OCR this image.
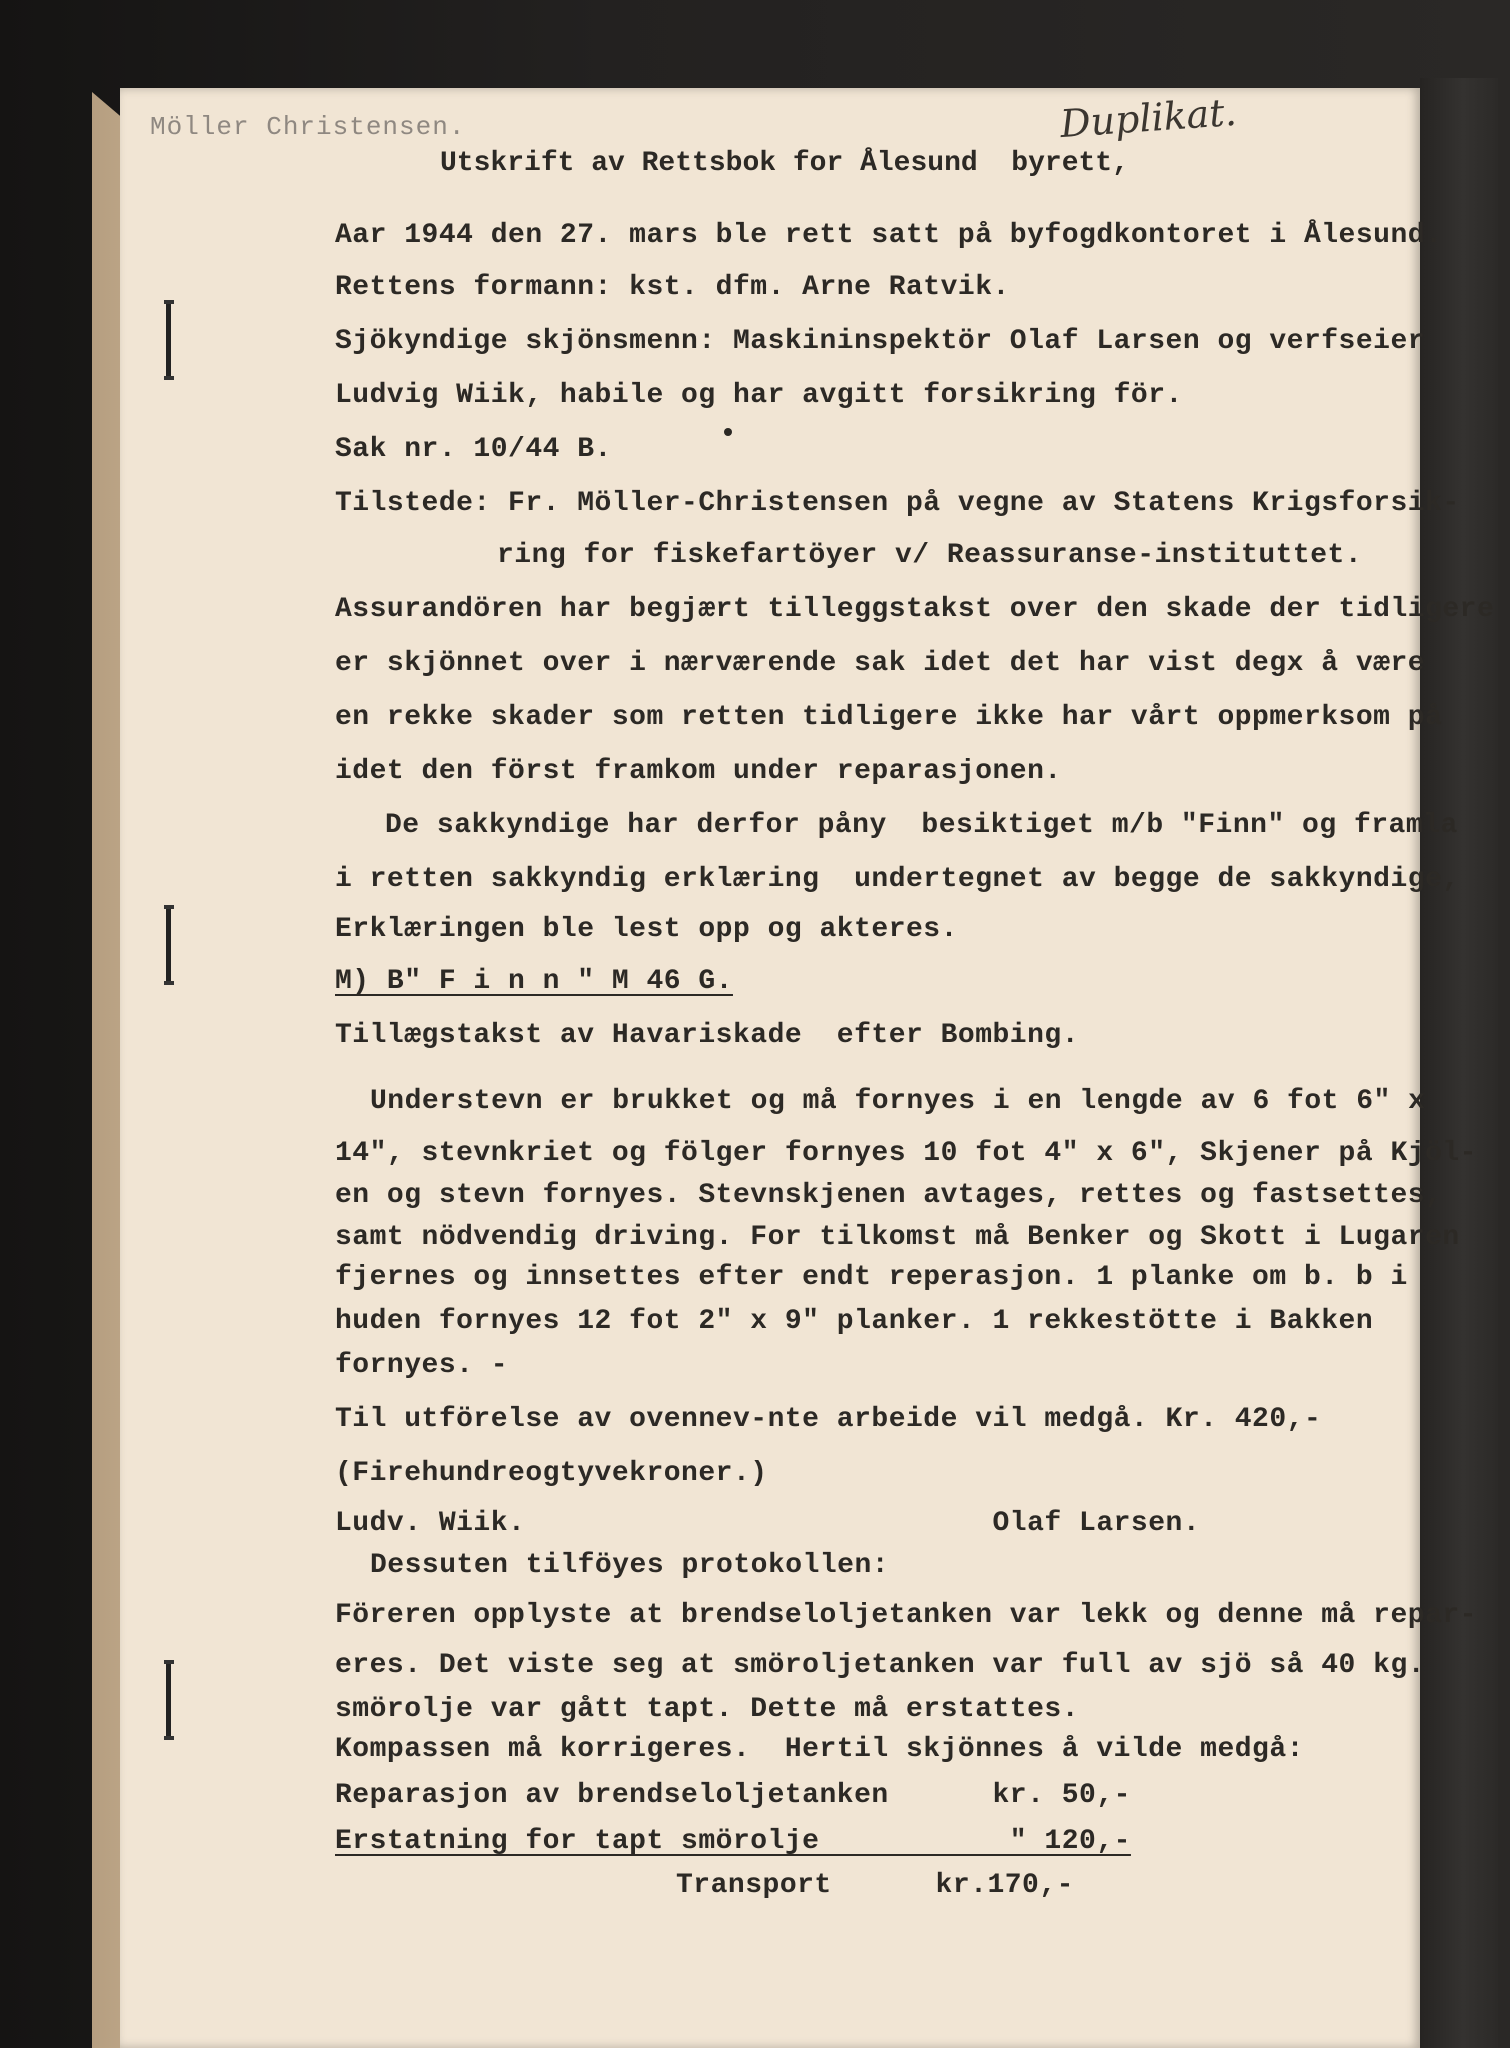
Möller Christensen.	Duplikat.
Utskrift av Rettsbok for Ålesund  byrett,
Aar 1944 den 27. mars ble rett satt på byfogdkontoret i Ålesund.
Rettens formann: kst. dfm. Arne Ratvik.
Sjökyndige skjönsmenn: Maskininspektör Olaf Larsen og verfseier
Ludvig Wiik, habile og har avgitt forsikring för.
Sak nr. 10/44 B.
Tilstede: Fr. Möller-Christensen på vegne av Statens Krigsforsik-
ring for fiskefartöyer v/ Reassuranse-instituttet.
Assurandören har begjært tilleggstakst over den skade der tidligere
er skjönnet over i nærværende sak idet det har vist degx å være
en rekke skader som retten tidligere ikke har vårt oppmerksom på
idet den först framkom under reparasjonen.
De sakkyndige har derfor påny  besiktiget m/b "Finn" og framla
i retten sakkyndig erklæring  undertegnet av begge de sakkyndige,
Erklæringen ble lest opp og akteres.
M) B" F i n n " M 46 G.
Tillægstakst av Havariskade  efter Bombing.
Understevn er brukket og må fornyes i en lengde av 6 fot 6" x
14", stevnkriet og fölger fornyes 10 fot 4" x 6", Skjener på Kjöl-
en og stevn fornyes. Stevnskjenen avtages, rettes og fastsettes,
samt nödvendig driving. For tilkomst må Benker og Skott i Lugaren
fjernes og innsettes efter endt reperasjon. 1 planke om b. b i
huden fornyes 12 fot 2" x 9" planker. 1 rekkestötte i Bakken
fornyes. -
Til utförelse av ovennev-nte arbeide vil medgå. Kr. 420,-
(Firehundreogtyvekroner.)
Ludv. Wiik.                           Olaf Larsen.
Dessuten tilföyes protokollen:
Föreren opplyste at brendseloljetanken var lekk og denne må repar-
eres. Det viste seg at smöroljetanken var full av sjö så 40 kg.
smörolje var gått tapt. Dette må erstattes.
Kompassen må korrigeres.  Hertil skjönnes å vilde medgå:
Reparasjon av brendseloljetanken      kr. 50,-
Erstatning for tapt smörolje           " 120,-
Transport      kr.170,-
